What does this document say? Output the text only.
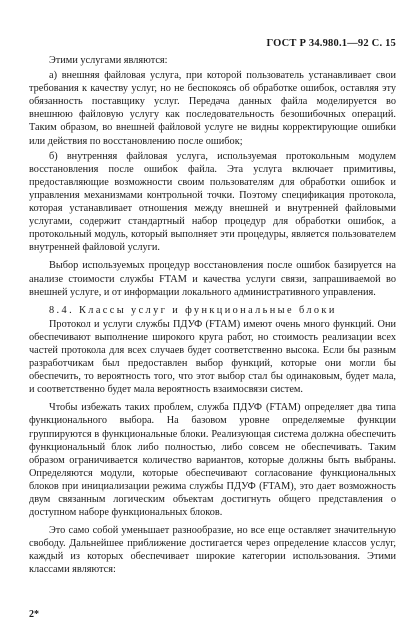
ГОСТ Р 34.980.1—92 С. 15

Этими услугами являются:

а) внешняя файловая услуга, при которой пользователь устанавливает свои требования к качеству услуг, но не беспокоясь об обработке ошибок, оставляя эту обязанность поставщику услуг. Передача данных файла моделируется во внешнюю файловую услугу как последовательность безошибочных операций. Таким образом, во внешней файловой услуге не видны корректирующие ошибки или действия по восстановлению после ошибок;

б) внутренняя файловая услуга, используемая протокольным модулем восстановления после ошибок файла. Эта услуга включает примитивы, предоставляющие возможности своим пользователям для обработки ошибок и управления механизмами контрольной точки. Поэтому спецификация протокола, которая устанавливает отношения между внешней и внутренней файловыми услугами, содержит стандартный набор процедур для обработки ошибок, а протокольный модуль, который выполняет эти процедуры, является пользователем внутренней файловой услуги.

Выбор используемых процедур восстановления после ошибок базируется на анализе стоимости службы FTAM и качества услуги связи, запрашиваемой во внешней услуге, и от информации локального административного управления.

8.4. Классы услуг и функциональные блоки

Протокол и услуги службы ПДУФ (FTAM) имеют очень много функций. Они обеспечивают выполнение широкого круга работ, но стоимость реализации всех частей протокола для всех случаев будет соответственно высока. Если бы разным разработчикам был предоставлен выбор функций, которые они могли бы обеспечить, то вероятность того, что этот выбор стал бы одинаковым, будет мала, и соответственно будет мала вероятность взаимосвязи систем.

Чтобы избежать таких проблем, служба ПДУФ (FTAM) определяет два типа функционального выбора. На базовом уровне определяемые функции группируются в функциональные блоки. Реализующая система должна обеспечить функциональный блок либо полностью, либо совсем не обеспечивать. Таким образом ограничивается количество вариантов, которые должны быть выбраны. Определяются модули, которые обеспечивают согласование функциональных блоков при инициализации режима службы ПДУФ (FTAM), это дает возможность двум связанным логическим объектам достигнуть общего представления о доступном наборе функциональных блоков.

Это само собой уменьшает разнообразие, но все еще оставляет значительную свободу. Дальнейшее приближение достигается через определение классов услуг, каждый из которых обеспечивает широкие категории использования. Этими классами являются:

2*
